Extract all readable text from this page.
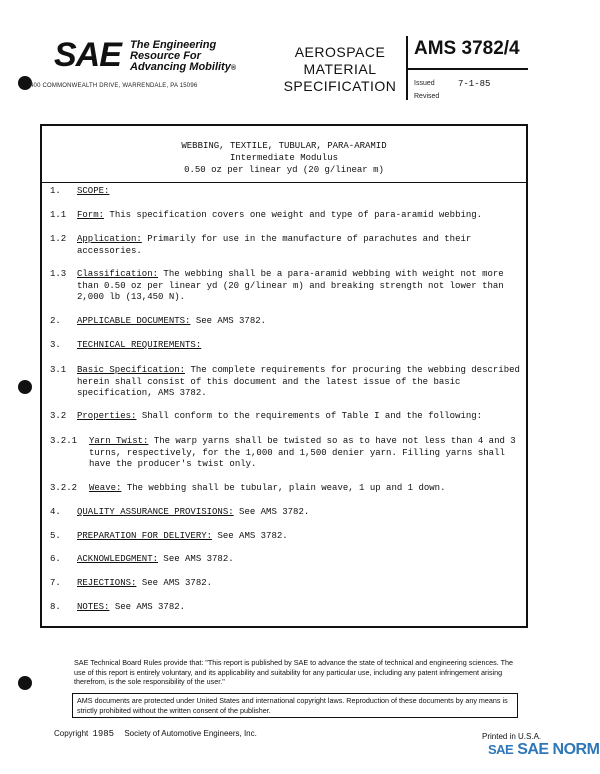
SAE The Engineering
Resource For
Advancing Mobility®
400 COMMONWEALTH DRIVE, WARRENDALE, PA 15096
AEROSPACE
MATERIAL
SPECIFICATION
AMS 3782/4
Issued	7-1-85
Revised
WEBBING, TEXTILE, TUBULAR, PARA-ARAMID
Intermediate Modulus
0.50 oz per linear yd (20 g/linear m)
1. SCOPE:
1.1 Form: This specification covers one weight and type of para-aramid webbing.
1.2 Application: Primarily for use in the manufacture of parachutes and their accessories.
1.3 Classification: The webbing shall be a para-aramid webbing with weight not more than 0.50 oz per linear yd (20 g/linear m) and breaking strength not lower than 2,000 lb (13,450 N).
2. APPLICABLE DOCUMENTS: See AMS 3782.
3. TECHNICAL REQUIREMENTS:
3.1 Basic Specification: The complete requirements for procuring the webbing described herein shall consist of this document and the latest issue of the basic specification, AMS 3782.
3.2 Properties: Shall conform to the requirements of Table I and the following:
3.2.1 Yarn Twist: The warp yarns shall be twisted so as to have not less than 4 and 3 turns, respectively, for the 1,000 and 1,500 denier yarn. Filling yarns shall have the producer's twist only.
3.2.2 Weave: The webbing shall be tubular, plain weave, 1 up and 1 down.
4. QUALITY ASSURANCE PROVISIONS: See AMS 3782.
5. PREPARATION FOR DELIVERY: See AMS 3782.
6. ACKNOWLEDGMENT: See AMS 3782.
7. REJECTIONS: See AMS 3782.
8. NOTES: See AMS 3782.
SAE Technical Board Rules provide that: "This report is published by SAE to advance the state of technical and engineering sciences. The use of this report is entirely voluntary, and its applicability and suitability for any particular use, including any patent infringement arising therefrom, is the sole responsibility of the user."
AMS documents are protected under United States and international copyright laws. Reproduction of these documents by any means is strictly prohibited without the written consent of the publisher.
Copyright 1985 Society of Automotive Engineers, Inc.	Printed in U.S.A.
SAE SAE NORM
